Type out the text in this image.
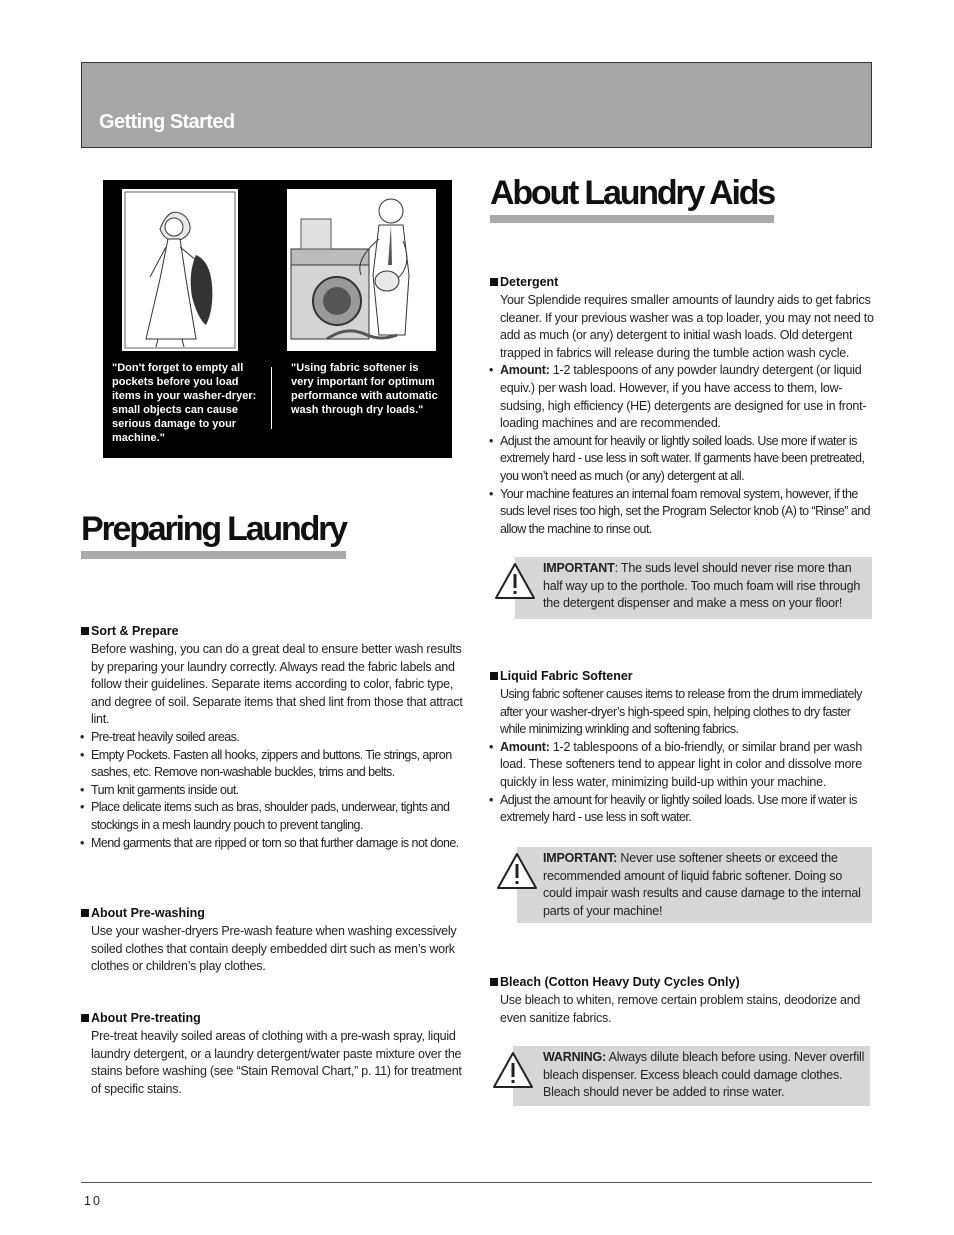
Getting Started
"Don't forget to empty all pockets before you load items in your washer-dryer: small objects can cause serious damage to your machine."
"Using fabric softener is very important for optimum performance with automatic wash through dry loads."
About Laundry Aids
Preparing Laundry
Sort & Prepare

Before washing, you can do a great deal to ensure better wash results by preparing your laundry correctly. Always read the fabric labels and follow their guidelines. Separate items according to color, fabric type, and degree of soil. Separate items that shed lint from those that attract lint.

• Pre-treat heavily soiled areas.

• Empty Pockets. Fasten all hooks, zippers and buttons. Tie strings, apron sashes, etc. Remove non-washable buckles, trims and belts.

• Turn knit garments inside out.

• Place delicate items such as bras, shoulder pads, underwear, tights and stockings in a mesh laundry pouch to prevent tangling.

• Mend garments that are ripped or torn so that further damage is not done.

About Pre-washing

Use your washer-dryers Pre-wash feature when washing excessively soiled clothes that contain deeply embedded dirt such as men’s work clothes or children’s play clothes.

About Pre-treating

Pre-treat heavily soiled areas of clothing with a pre-wash spray, liquid laundry detergent, or a laundry detergent/water paste mixture over the stains before washing (see “Stain Removal Chart,” p. 11) for treatment of specific stains.

Detergent

Your Splendide requires smaller amounts of laundry aids to get fabrics cleaner. If your previous washer was a top loader, you may not need to add as much (or any) detergent to initial wash loads. Old detergent trapped in fabrics will release during the tumble action wash cycle.

• Amount: 1-2 tablespoons of any powder laundry detergent (or liquid equiv.) per wash load. However, if you have access to them, low-sudsing, high efficiency (HE) detergents are designed for use in front-loading machines and are recommended.

• Adjust the amount for heavily or lightly soiled loads. Use more if water is extremely hard - use less in soft water. If garments have been pretreated, you won’t need as much (or any) detergent at all.

• Your machine features an internal foam removal system, however, if the suds level rises too high, set the Program Selector knob (A) to “Rinse” and allow the machine to rinse out.

IMPORTANT: The suds level should never rise more than half way up to the porthole. Too much foam will rise through the detergent dispenser and make a mess on your floor!
Liquid Fabric Softener

Using fabric softener causes items to release from the drum immediately after your washer-dryer’s high-speed spin, helping clothes to dry faster while minimizing wrinkling and softening fabrics.

• Amount: 1-2 tablespoons of a bio-friendly, or similar brand per wash load. These softeners tend to appear light in color and dissolve more quickly in less water, minimizing build-up within your machine.

• Adjust the amount for heavily or lightly soiled loads. Use more if water is extremely hard - use less in soft water.

IMPORTANT: Never use softener sheets or exceed the recommended amount of liquid fabric softener. Doing so could impair wash results and cause damage to the internal parts of your machine!
Bleach (Cotton Heavy Duty Cycles Only)

Use bleach to whiten, remove certain problem stains, deodorize and even sanitize fabrics.

WARNING: Always dilute bleach before using. Never overfill bleach dispenser. Excess bleach could damage clothes. Bleach should never be added to rinse water.
10
